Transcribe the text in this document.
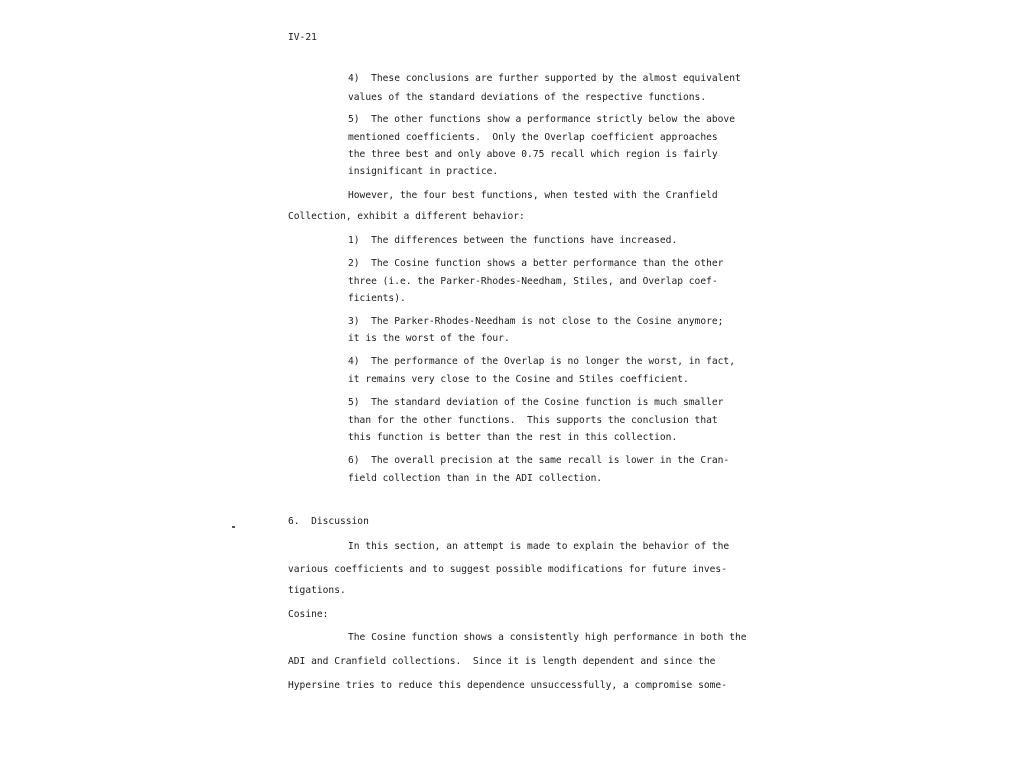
IV-21
4)  These conclusions are further supported by the almost equivalent
values of the standard deviations of the respective functions.
5)  The other functions show a performance strictly below the above
mentioned coefficients.  Only the Overlap coefficient approaches
the three best and only above 0.75 recall which region is fairly
insignificant in practice.
However, the four best functions, when tested with the Cranfield
Collection, exhibit a different behavior:
1)  The differences between the functions have increased.
2)  The Cosine function shows a better performance than the other
three (i.e. the Parker-Rhodes-Needham, Stiles, and Overlap coef-
ficients).
3)  The Parker-Rhodes-Needham is not close to the Cosine anymore;
it is the worst of the four.
4)  The performance of the Overlap is no longer the worst, in fact,
it remains very close to the Cosine and Stiles coefficient.
5)  The standard deviation of the Cosine function is much smaller
than for the other functions.  This supports the conclusion that
this function is better than the rest in this collection.
6)  The overall precision at the same recall is lower in the Cran-
field collection than in the ADI collection.
6.  Discussion
In this section, an attempt is made to explain the behavior of the
various coefficients and to suggest possible modifications for future inves-
tigations.
Cosine:
The Cosine function shows a consistently high performance in both the
ADI and Cranfield collections.  Since it is length dependent and since the
Hypersine tries to reduce this dependence unsuccessfully, a compromise some-
